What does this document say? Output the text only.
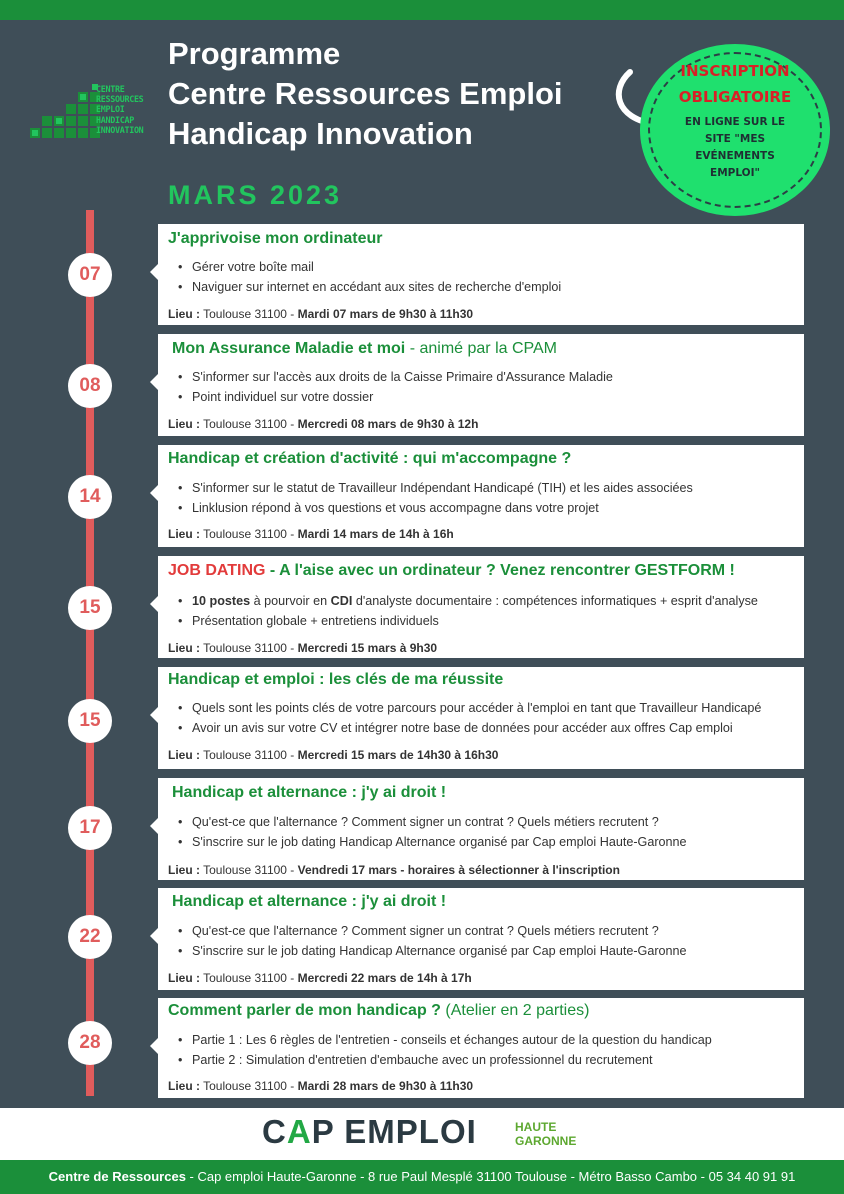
CENTRE
RESSOURCES
EMPLOI
HANDICAP
INNOVATION
Programme
Centre Ressources Emploi
Handicap Innovation
MARS 2023
INSCRIPTION
OBLIGATOIRE
EN LIGNE SUR LE
SITE "MES
EVÉNEMENTS
EMPLOI"
J'apprivoise mon ordinateur
• Gérer votre boîte mail
• Naviguer sur internet en accédant aux sites de recherche d'emploi
Lieu : Toulouse 31100 - Mardi 07 mars de 9h30 à 11h30
07
Mon Assurance Maladie et moi - animé par la CPAM
• S'informer sur l'accès aux droits de la Caisse Primaire d'Assurance Maladie
• Point individuel sur votre dossier
Lieu : Toulouse 31100 - Mercredi 08 mars de 9h30 à 12h
08
Handicap et création d'activité : qui m'accompagne ?
• S'informer sur le statut de Travailleur Indépendant Handicapé (TIH) et les aides associées
• Linklusion répond à vos questions et vous accompagne dans votre projet
Lieu : Toulouse 31100 - Mardi 14 mars de 14h à 16h
14
JOB DATING - A l'aise avec un ordinateur ? Venez rencontrer GESTFORM !
• 10 postes à pourvoir en CDI d'analyste documentaire : compétences informatiques + esprit d'analyse
• Présentation globale + entretiens individuels
Lieu : Toulouse 31100 - Mercredi 15 mars à 9h30
15
Handicap et emploi : les clés de ma réussite
• Quels sont les points clés de votre parcours pour accéder à l'emploi en tant que Travailleur Handicapé
• Avoir un avis sur votre CV et intégrer notre base de données pour accéder aux offres Cap emploi
Lieu : Toulouse 31100 - Mercredi 15 mars de 14h30 à 16h30
15
Handicap et alternance : j'y ai droit !
• Qu'est-ce que l'alternance ? Comment signer un contrat ? Quels métiers recrutent ?
• S'inscrire sur le job dating Handicap Alternance organisé par Cap emploi Haute-Garonne
Lieu : Toulouse 31100 - Vendredi 17 mars - horaires à sélectionner à l'inscription
17
Handicap et alternance : j'y ai droit !
• Qu'est-ce que l'alternance ? Comment signer un contrat ? Quels métiers recrutent ?
• S'inscrire sur le job dating Handicap Alternance organisé par Cap emploi Haute-Garonne
Lieu : Toulouse 31100 - Mercredi 22 mars de 14h à 17h
22
Comment parler de mon handicap ? (Atelier en 2 parties)
• Partie 1 : Les 6 règles de l'entretien - conseils et échanges autour de la question du handicap
• Partie 2 : Simulation d'entretien d'embauche avec un professionnel du recrutement
Lieu : Toulouse 31100 - Mardi 28 mars de 9h30 à 11h30
28
CAP EMPLOI	HAUTE
GARONNE
Centre de Ressources - Cap emploi Haute-Garonne - 8 rue Paul Mesplé 31100 Toulouse - Métro Basso Cambo - 05 34 40 91 91
